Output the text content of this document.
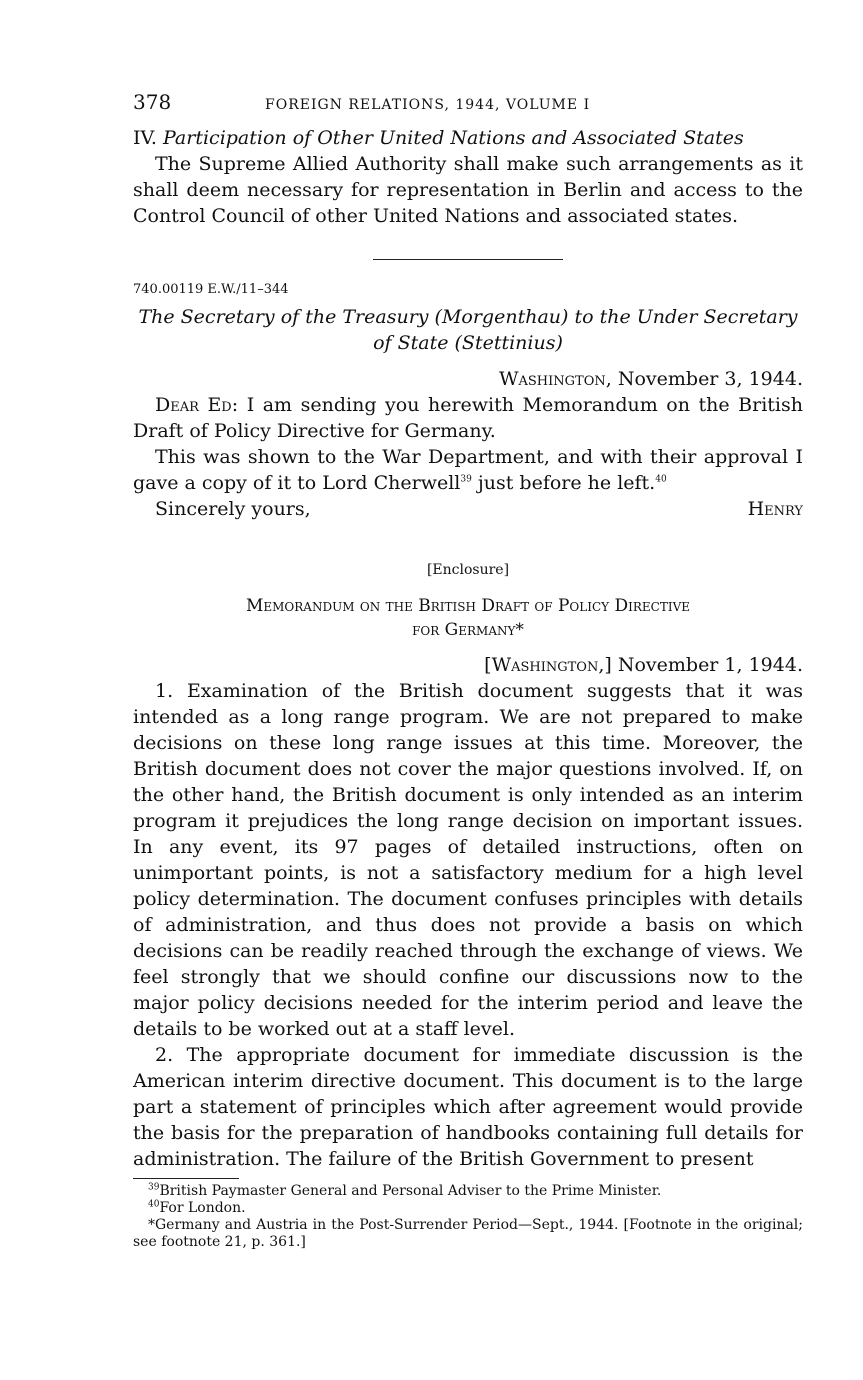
378	FOREIGN RELATIONS, 1944, VOLUME I
IV. Participation of Other United Nations and Associated States

The Supreme Allied Authority shall make such arrangements as it shall deem necessary for representation in Berlin and access to the Control Council of other United Nations and associated states.

740.00119 E.W./11–344
The Secretary of the Treasury (Morgenthau) to the Under Secretary of State (Stettinius)
Washington, November 3, 1944.

Dear Ed: I am sending you herewith Memorandum on the British Draft of Policy Directive for Germany.

This was shown to the War Department, and with their approval I gave a copy of it to Lord Cherwell$^{39}$ just before he left.$^{40}$

Sincerely yours,	Henry
[Enclosure]
Memorandum on the British Draft of Policy Directive
for Germany*
[Washington,] November 1, 1944.

1. Examination of the British document suggests that it was intended as a long range program. We are not prepared to make decisions on these long range issues at this time. Moreover, the British document does not cover the major questions involved. If, on the other hand, the British document is only intended as an interim program it prejudices the long range decision on important issues. In any event, its 97 pages of detailed instructions, often on unimportant points, is not a satisfactory medium for a high level policy determination. The document confuses principles with details of administration, and thus does not provide a basis on which decisions can be readily reached through the exchange of views. We feel strongly that we should confine our discussions now to the major policy decisions needed for the interim period and leave the details to be worked out at a staff level.

2. The appropriate document for immediate discussion is the American interim directive document. This document is to the large part a statement of principles which after agreement would provide the basis for the preparation of handbooks containing full details for administration. The failure of the British Government to present

$^{39}$British Paymaster General and Personal Adviser to the Prime Minister.

$^{40}$For London.

*Germany and Austria in the Post-Surrender Period—Sept., 1944. [Footnote in the original; see footnote 21, p. 361.]
